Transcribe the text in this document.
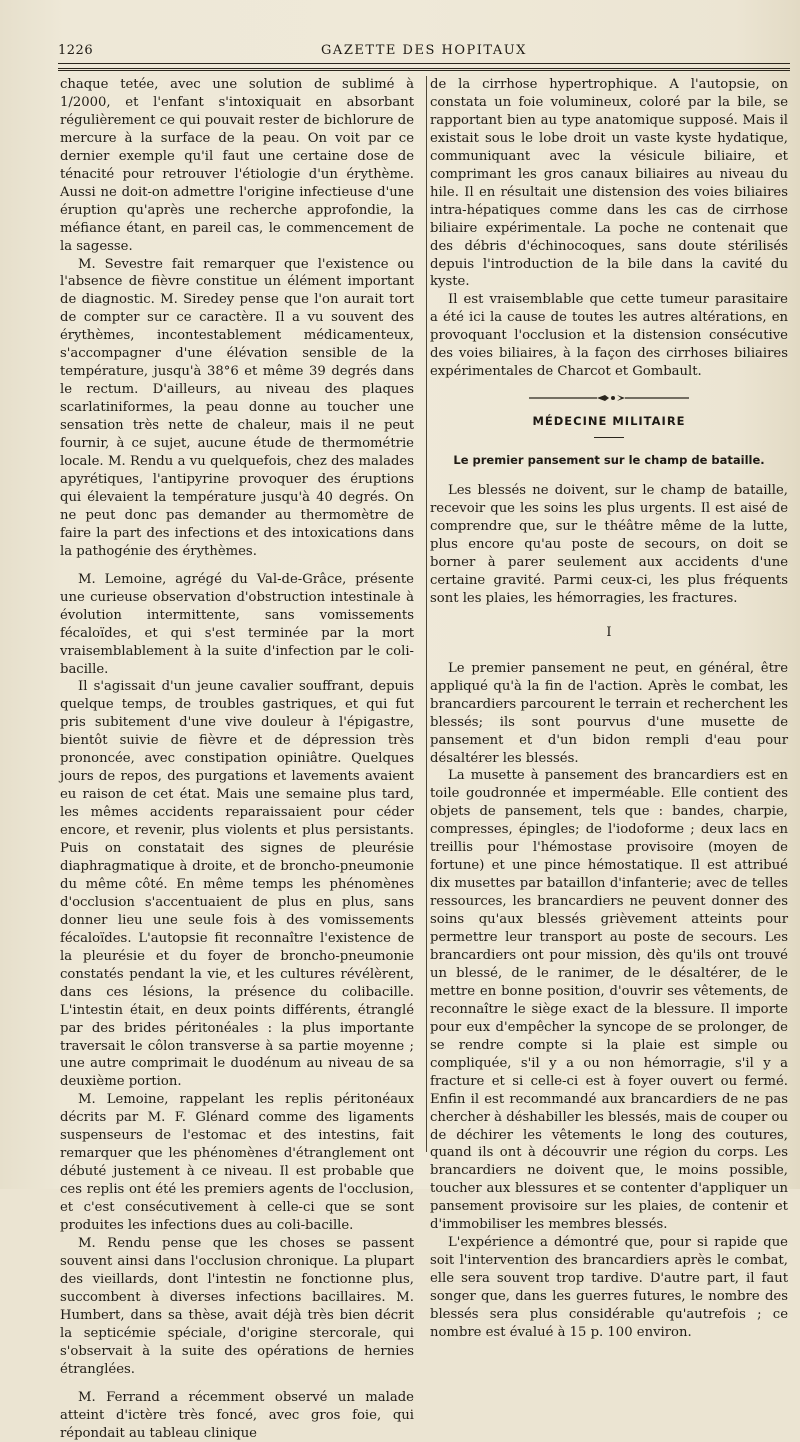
1226	GAZETTE DES HOPITAUX

chaque tetée, avec une solution de sublimé à 1/2000, et l'enfant s'intoxiquait en absorbant régulièrement ce qui pouvait rester de bichlorure de mercure à la surface de la peau. On voit par ce dernier exemple qu'il faut une certaine dose de ténacité pour retrouver l'étiologie d'un érythème. Aussi ne doit-on admettre l'origine infectieuse d'une éruption qu'après une recherche approfondie, la méfiance étant, en pareil cas, le commencement de la sagesse.

M. Sevestre fait remarquer que l'existence ou l'absence de fièvre constitue un élément important de diagnostic. M. Siredey pense que l'on aurait tort de compter sur ce caractère. Il a vu souvent des érythèmes, incontestablement médicamenteux, s'accompagner d'une élévation sensible de la température, jusqu'à 38°6 et même 39 degrés dans le rectum. D'ailleurs, au niveau des plaques scarlatiniformes, la peau donne au toucher une sensation très nette de chaleur, mais il ne peut fournir, à ce sujet, aucune étude de thermométrie locale. M. Rendu a vu quelquefois, chez des malades apyrétiques, l'antipyrine provoquer des éruptions qui élevaient la température jusqu'à 40 degrés. On ne peut donc pas demander au thermomètre de faire la part des infections et des intoxications dans la pathogénie des érythèmes.

M. Lemoine, agrégé du Val-de-Grâce, présente une curieuse observation d'obstruction intestinale à évolution intermittente, sans vomissements fécaloïdes, et qui s'est terminée par la mort vraisemblablement à la suite d'infection par le coli-bacille.

Il s'agissait d'un jeune cavalier souffrant, depuis quelque temps, de troubles gastriques, et qui fut pris subitement d'une vive douleur à l'épigastre, bientôt suivie de fièvre et de dépression très prononcée, avec constipation opiniâtre. Quelques jours de repos, des purgations et lavements avaient eu raison de cet état. Mais une semaine plus tard, les mêmes accidents reparaissaient pour céder encore, et revenir, plus violents et plus persistants. Puis on constatait des signes de pleurésie diaphragmatique à droite, et de broncho-pneumonie du même côté. En même temps les phénomènes d'occlusion s'accentuaient de plus en plus, sans donner lieu une seule fois à des vomissements fécaloïdes. L'autopsie fit reconnaître l'existence de la pleurésie et du foyer de broncho-pneumonie constatés pendant la vie, et les cultures révélèrent, dans ces lésions, la présence du colibacille. L'intestin était, en deux points différents, étranglé par des brides péritonéales : la plus importante traversait le côlon transverse à sa partie moyenne ; une autre comprimait le duodénum au niveau de sa deuxième portion.

M. Lemoine, rappelant les replis péritonéaux décrits par M. F. Glénard comme des ligaments suspenseurs de l'estomac et des intestins, fait remarquer que les phénomènes d'étranglement ont débuté justement à ce niveau. Il est probable que ces replis ont été les premiers agents de l'occlusion, et c'est consécutivement à celle-ci que se sont produites les infections dues au coli-bacille.

M. Rendu pense que les choses se passent souvent ainsi dans l'occlusion chronique. La plupart des vieillards, dont l'intestin ne fonctionne plus, succombent à diverses infections bacillaires. M. Humbert, dans sa thèse, avait déjà très bien décrit la septicémie spéciale, d'origine stercorale, qui s'observait à la suite des opérations de hernies étranglées.

M. Ferrand a récemment observé un malade atteint d'ictère très foncé, avec gros foie, qui répondait au tableau clinique

de la cirrhose hypertrophique. A l'autopsie, on constata un foie volumineux, coloré par la bile, se rapportant bien au type anatomique supposé. Mais il existait sous le lobe droit un vaste kyste hydatique, communiquant avec la vésicule biliaire, et comprimant les gros canaux biliaires au niveau du hile. Il en résultait une distension des voies biliaires intra-hépatiques comme dans les cas de cirrhose biliaire expérimentale. La poche ne contenait que des débris d'échinocoques, sans doute stérilisés depuis l'introduction de la bile dans la cavité du kyste.

Il est vraisemblable que cette tumeur parasitaire a été ici la cause de toutes les autres altérations, en provoquant l'occlusion et la distension consécutive des voies biliaires, à la façon des cirrhoses biliaires expérimentales de Charcot et Gombault.

MÉDECINE MILITAIRE
Le premier pansement sur le champ de bataille.

Les blessés ne doivent, sur le champ de bataille, recevoir que les soins les plus urgents. Il est aisé de comprendre que, sur le théâtre même de la lutte, plus encore qu'au poste de secours, on doit se borner à parer seulement aux accidents d'une certaine gravité. Parmi ceux-ci, les plus fréquents sont les plaies, les hémorragies, les fractures.

I

Le premier pansement ne peut, en général, être appliqué qu'à la fin de l'action. Après le combat, les brancardiers parcourent le terrain et recherchent les blessés; ils sont pourvus d'une musette de pansement et d'un bidon rempli d'eau pour désaltérer les blessés.

La musette à pansement des brancardiers est en toile goudronnée et imperméable. Elle contient des objets de pansement, tels que : bandes, charpie, compresses, épingles; de l'iodoforme ; deux lacs en treillis pour l'hémostase provisoire (moyen de fortune) et une pince hémostatique. Il est attribué dix musettes par bataillon d'infanterie; avec de telles ressources, les brancardiers ne peuvent donner des soins qu'aux blessés grièvement atteints pour permettre leur transport au poste de secours. Les brancardiers ont pour mission, dès qu'ils ont trouvé un blessé, de le ranimer, de le désaltérer, de le mettre en bonne position, d'ouvrir ses vêtements, de reconnaître le siège exact de la blessure. Il importe pour eux d'empêcher la syncope de se prolonger, de se rendre compte si la plaie est simple ou compliquée, s'il y a ou non hémorragie, s'il y a fracture et si celle-ci est à foyer ouvert ou fermé. Enfin il est recommandé aux brancardiers de ne pas chercher à déshabiller les blessés, mais de couper ou de déchirer les vêtements le long des coutures, quand ils ont à découvrir une région du corps. Les brancardiers ne doivent que, le moins possible, toucher aux blessures et se contenter d'appliquer un pansement provisoire sur les plaies, de contenir et d'immobiliser les membres blessés.

L'expérience a démontré que, pour si rapide que soit l'intervention des brancardiers après le combat, elle sera souvent trop tardive. D'autre part, il faut songer que, dans les guerres futures, le nombre des blessés sera plus considérable qu'autrefois ; ce nombre est évalué à 15 p. 100 environ.
